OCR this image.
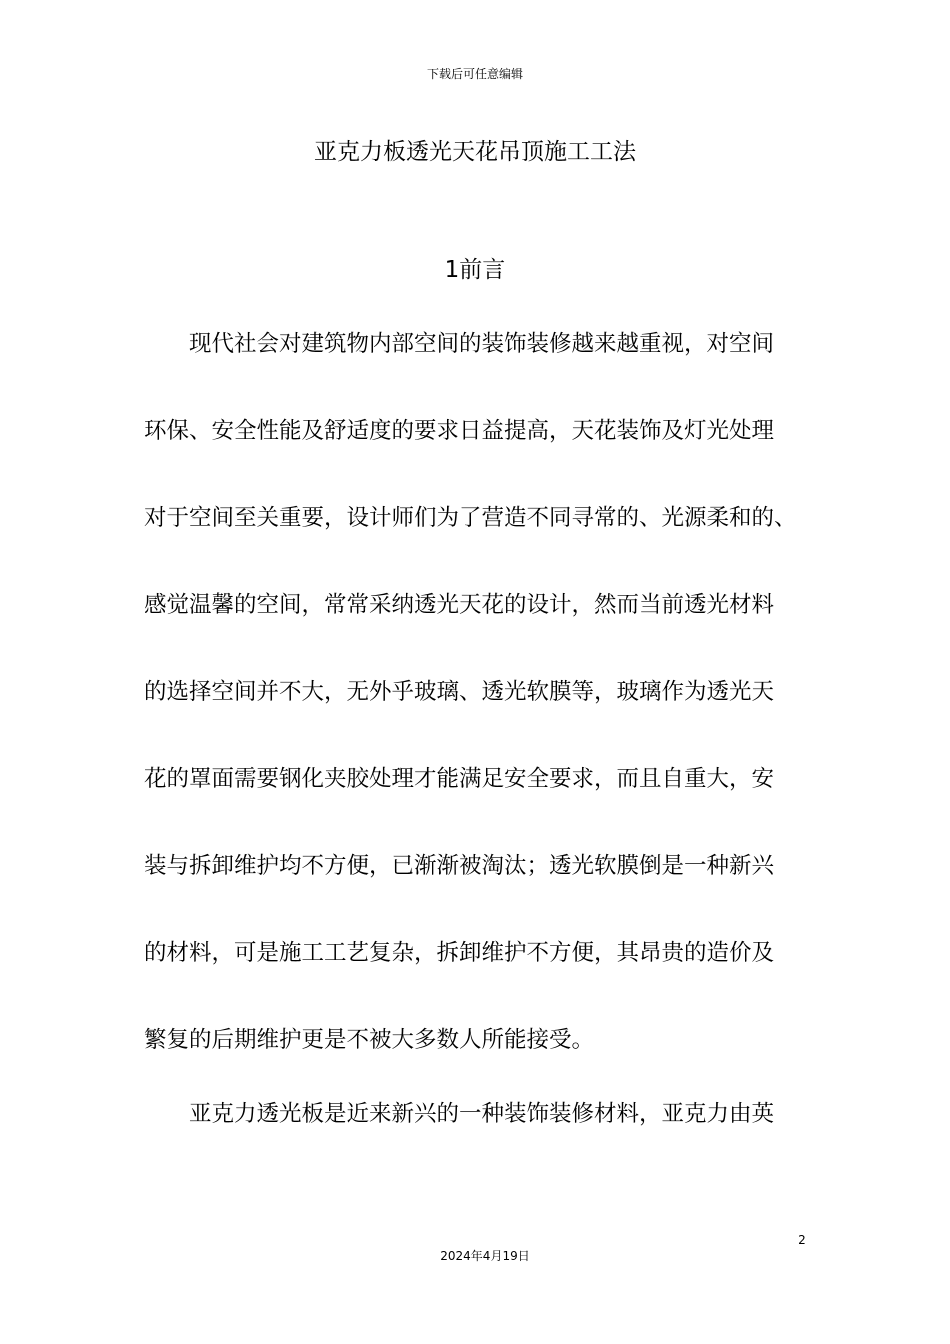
下载后可任意编辑
亚克力板透光天花吊顶施工工法
1前言
　　现代社会对建筑物内部空间的装饰装修越来越重视，对空间
环保、安全性能及舒适度的要求日益提高，天花装饰及灯光处理
对于空间至关重要，设计师们为了营造不同寻常的、光源柔和的、
感觉温馨的空间，常常采纳透光天花的设计，然而当前透光材料
的选择空间并不大，无外乎玻璃、透光软膜等，玻璃作为透光天
花的罩面需要钢化夹胶处理才能满足安全要求，而且自重大，安
装与拆卸维护均不方便，已渐渐被淘汰；透光软膜倒是一种新兴
的材料，可是施工工艺复杂，拆卸维护不方便，其昂贵的造价及
繁复的后期维护更是不被大多数人所能接受。
　　亚克力透光板是近来新兴的一种装饰装修材料，亚克力由英
2
2024年4月19日
